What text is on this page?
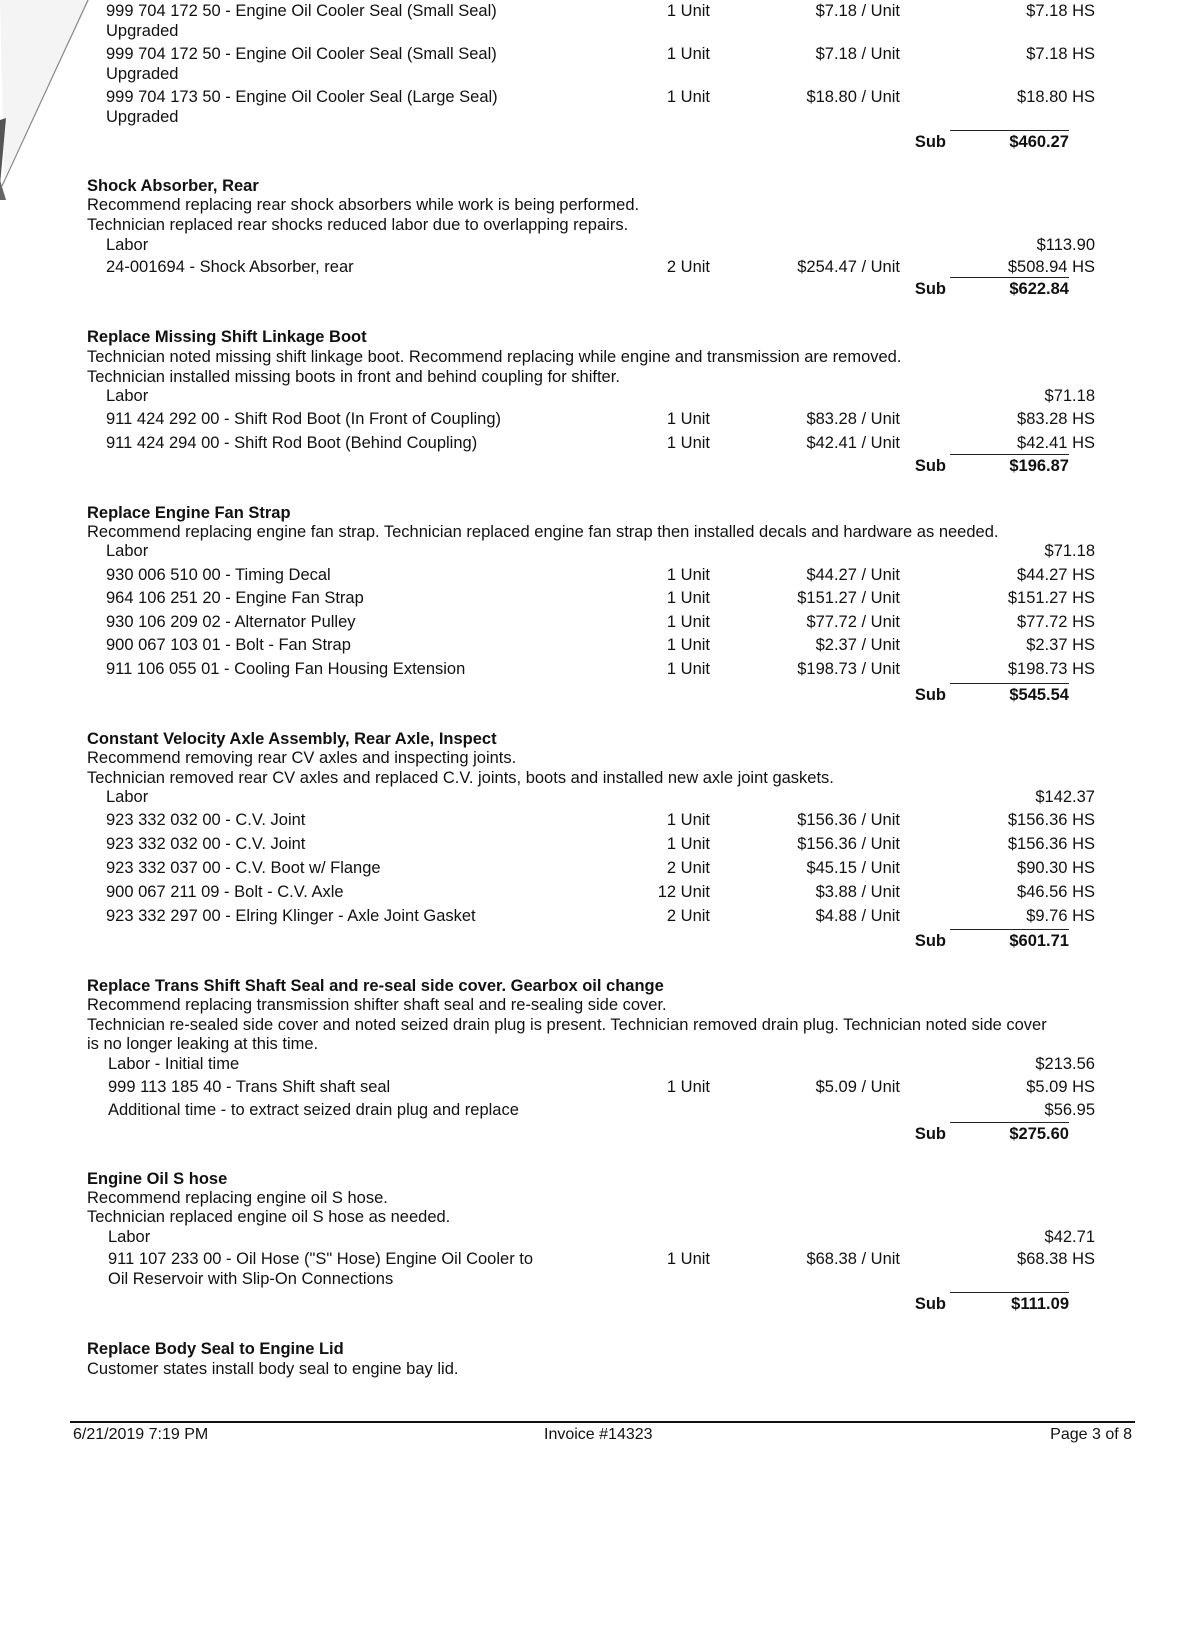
999 704 172 50 - Engine Oil Cooler Seal (Small Seal)	1 Unit	$7.18 / Unit	$7.18 HS
Upgraded
999 704 172 50 - Engine Oil Cooler Seal (Small Seal)	1 Unit	$7.18 / Unit	$7.18 HS
Upgraded
999 704 173 50 - Engine Oil Cooler Seal (Large Seal)	1 Unit	$18.80 / Unit	$18.80 HS
Upgraded
Sub	$460.27
Shock Absorber, Rear
Recommend replacing rear shock absorbers while work is being performed.
Technician replaced rear shocks reduced labor due to overlapping repairs.
Labor	$113.90
24-001694 - Shock Absorber, rear	2 Unit	$254.47 / Unit	$508.94 HS
Sub	$622.84
Replace Missing Shift Linkage Boot
Technician noted missing shift linkage boot. Recommend replacing while engine and transmission are removed.
Technician installed missing boots in front and behind coupling for shifter.
Labor	$71.18
911 424 292 00 - Shift Rod Boot (In Front of Coupling)	1 Unit	$83.28 / Unit	$83.28 HS
911 424 294 00 - Shift Rod Boot (Behind Coupling)	1 Unit	$42.41 / Unit	$42.41 HS
Sub	$196.87
Replace Engine Fan Strap
Recommend replacing engine fan strap. Technician replaced engine fan strap then installed decals and hardware as needed.
Labor	$71.18
930 006 510 00 - Timing Decal	1 Unit	$44.27 / Unit	$44.27 HS
964 106 251 20 - Engine Fan Strap	1 Unit	$151.27 / Unit	$151.27 HS
930 106 209 02 - Alternator Pulley	1 Unit	$77.72 / Unit	$77.72 HS
900 067 103 01 - Bolt - Fan Strap	1 Unit	$2.37 / Unit	$2.37 HS
911 106 055 01 - Cooling Fan Housing Extension	1 Unit	$198.73 / Unit	$198.73 HS
Sub	$545.54
Constant Velocity Axle Assembly, Rear Axle, Inspect
Recommend removing rear CV axles and inspecting joints.
Technician removed rear CV axles and replaced C.V. joints, boots and installed new axle joint gaskets.
Labor	$142.37
923 332 032 00 - C.V. Joint	1 Unit	$156.36 / Unit	$156.36 HS
923 332 032 00 - C.V. Joint	1 Unit	$156.36 / Unit	$156.36 HS
923 332 037 00 - C.V. Boot w/ Flange	2 Unit	$45.15 / Unit	$90.30 HS
900 067 211 09 - Bolt - C.V. Axle	12 Unit	$3.88 / Unit	$46.56 HS
923 332 297 00 - Elring Klinger - Axle Joint Gasket	2 Unit	$4.88 / Unit	$9.76 HS
Sub	$601.71
Replace Trans Shift Shaft Seal and re-seal side cover. Gearbox oil change
Recommend replacing transmission shifter shaft seal and re-sealing side cover.
Technician re-sealed side cover and noted seized drain plug is present. Technician removed drain plug. Technician noted side cover
is no longer leaking at this time.
Labor - Initial time	$213.56
999 113 185 40 - Trans Shift shaft seal	1 Unit	$5.09 / Unit	$5.09 HS
Additional time - to extract seized drain plug and replace	$56.95
Sub	$275.60
Engine Oil S hose
Recommend replacing engine oil S hose.
Technician replaced engine oil S hose as needed.
Labor	$42.71
911 107 233 00 - Oil Hose ("S" Hose) Engine Oil Cooler to	1 Unit	$68.38 / Unit	$68.38 HS
Oil Reservoir with Slip-On Connections
Sub	$111.09
Replace Body Seal to Engine Lid
Customer states install body seal to engine bay lid.
6/21/2019 7:19 PM	Invoice #14323	Page 3 of 8
